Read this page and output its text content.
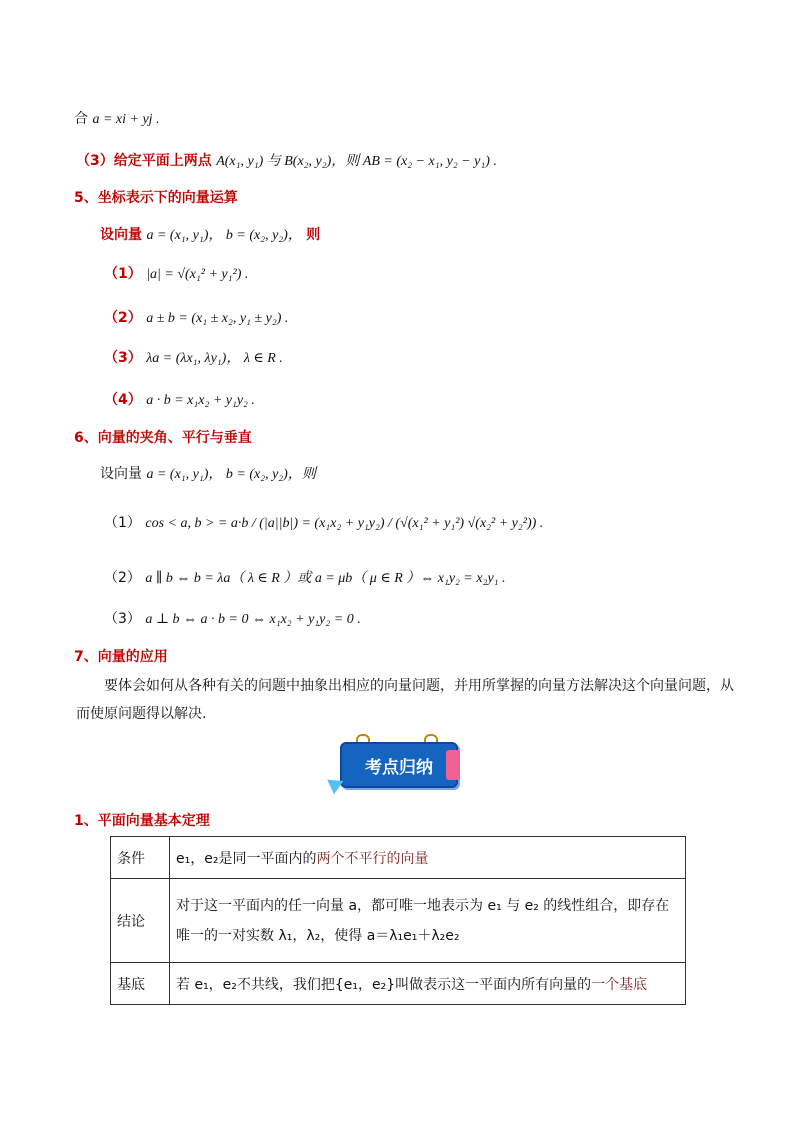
合 a = xi + yj .
（3）给定平面上两点 A(x₁, y₁) 与 B(x₂, y₂)，则 AB = (x₂ − x₁, y₂ − y₁) .
5、坐标表示下的向量运算
设向量 a = (x₁, y₁)， b = (x₂, y₂)， 则
（1） |a| = √(x₁² + y₁²) .
（2） a ± b = (x₁ ± x₂, y₁ ± y₂) .
（3） λa = (λx₁, λy₁)， λ ∈ R .
（4） a · b = x₁x₂ + y₁y₂ .
6、向量的夹角、平行与垂直
设向量 a = (x₁, y₁)， b = (x₂, y₂)，则
（1） cos < a, b > = a·b / (|a||b|) = (x₁x₂ + y₁y₂) / (√(x₁² + y₁²) √(x₂² + y₂²)) .
（2） a ∥ b ⇔ b = λa（ λ ∈ R ）或 a = μb（ μ ∈ R ）⇔ x₁y₂ = x₂y₁ .
（3） a ⊥ b ⇔ a · b = 0 ⇔ x₁x₂ + y₁y₂ = 0 .
7、向量的应用
要体会如何从各种有关的问题中抽象出相应的向量问题，并用所掌握的向量方法解决这个向量问题，从而使原问题得以解决.
考点归纳
1、平面向量基本定理
条件	e₁，e₂是同一平面内的两个不平行的向量
结论	对于这一平面内的任一向量 a，都可唯一地表示为 e₁ 与 e₂ 的线性组合，即存在唯一的一对实数 λ₁，λ₂，使得 a＝λ₁e₁＋λ₂e₂
基底	若 e₁，e₂不共线，我们把{e₁，e₂}叫做表示这一平面内所有向量的一个基底
